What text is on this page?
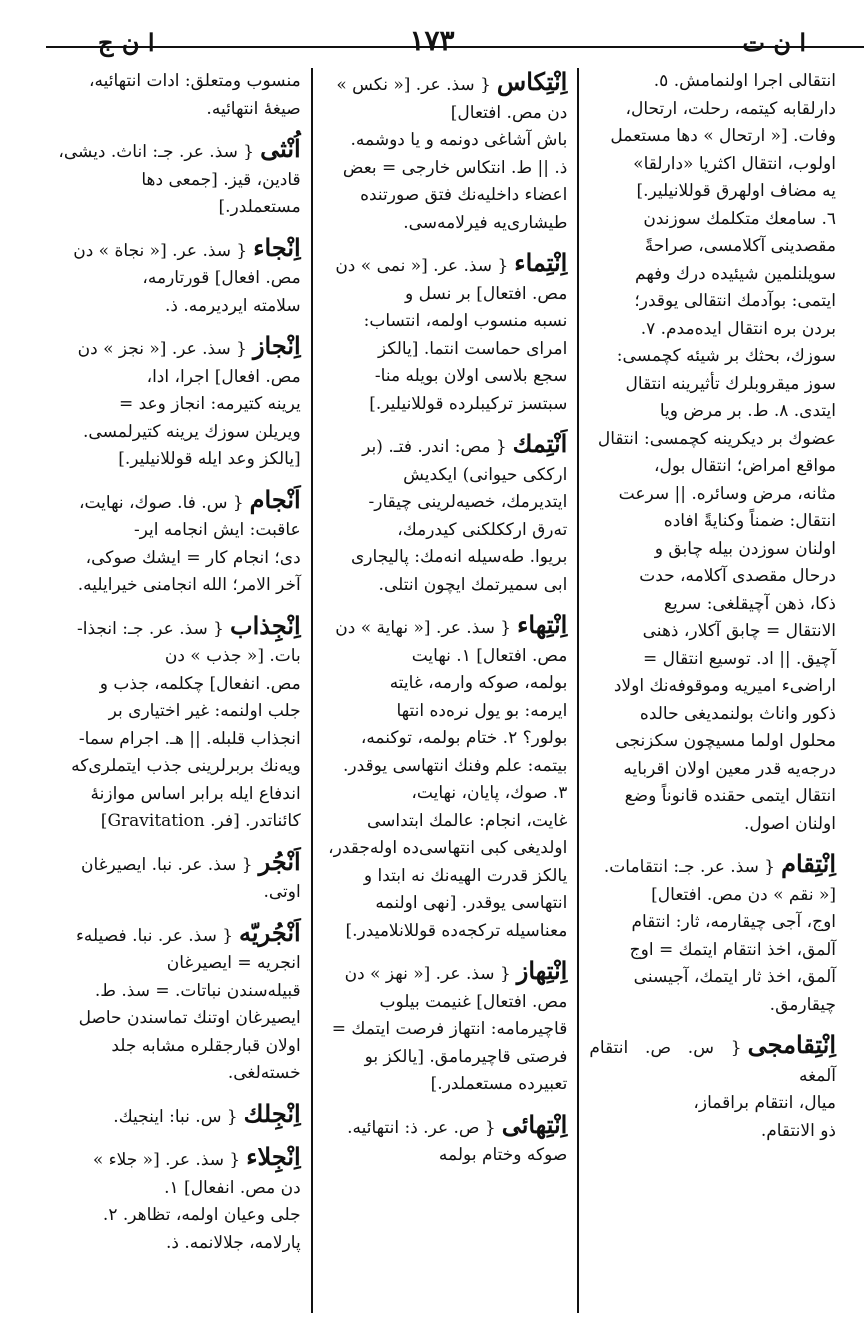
ا ن ت
١٧٣
ا ن ج
انتقالی اجرا اولنمامش. ٥.
دارلقابه کیتمه، رحلت، ارتحال،
وفات. [« ارتحال » دها مستعمل
اولوب، انتقال اکثریا «دارلقا»
یه مضاف اولهرق قوللانیلیر.]
٦. سامعك متکلمك سوزندن
مقصدینی آکلامسی، صراحةً
سویلنلمين شیئیده درك وفهم
ایتمی: بوآدمك انتقالی یوقدر؛
بردن بره انتقال ایده‌مدم. ٧.
سوزك، بحثك بر شیئه کچمسی:
سوز میقروبلرك تأثیرینه انتقال
ایتدی. ٨. ط. بر مرض ویا
عضوك بر دیکرینه کچمسی: انتقال
مواقع امراض؛ انتقال بول،
مثانه، مرض وسائره. || سرعت
انتقال: ضمناً وکنایةً افاده
اولنان سوزدن بیله چابق و
درحال مقصدی آکلامه، حدت
ذکا، ذهن آچیقلغی: سریع
الانتقال = چابق آکلار، ذهنی
آچیق. || اد. توسیع انتقال =
اراضیء امیریه وموقوفه‌نك اولاد
ذکور واناث بولنمدیغی حالده
محلول اولما مسیچون سکزنجی
درجه‌یه قدر معین اولان اقربایه
انتقال ایتمی حقنده قانوناً وضع
اولنان اصول.
اِنْتِقام{ سذ. عر. جـ: انتقامات.

[« نقم » دن مص. افتعال]
اوج، آجی چیقارمه، ثار: انتقام
آلمق، اخذ انتقام ایتمك = اوج
آلمق، اخذ ثار ایتمك، آجیسنی
چیقارمق.
اِنْتِقامجی{ س. ص. انتقام آلمغه

میال، انتقام براقماز،
ذو الانتقام.
اِنْتِكاس{ سذ. عر. [« نكس »

دن مص. افتعال]
باش آشاغی دونمه و یا دوشمه.
ذ. || ط. انتکاس خارجی = بعض
اعضاء داخلیه‌نك فتق صورتنده
طیشاری‌یه فیرلامه‌سی.
اِنْتِماء{ سذ. عر. [« نمی » دن

مص. افتعال] بر نسل و
نسبه منسوب اولمه، انتساب:
امرای حماست انتما. [یالکز
سجع بلاسی اولان بویله منا-
سبتسز ترکیبلرده قوللانیلیر.]
اَنْتِمك{ مص: اندر. فتـ. (بر

ارککی حیوانی) ایکدیش
ایتدیرمك، خصیه‌لرینی چیقار-
ته‌رق ارککلکنی کیدرمك،
بریوا. طه‌سیله انه‌مك: پالیجاری
ابی سمیرتمك ایچون انتلی.
اِنْتِهاء{ سذ. عر. [« نهایة » دن

مص. افتعال] ١. نهایت
بولمه، صوکه وارمه، غایته
ایرمه: بو یول نره‌ده انتها
بولور؟ ٢. ختام بولمه، توکنمه،
بیتمه: علم وفنك انتهاسی یوقدر.
٣. صوك، پایان، نهایت،
غایت، انجام: عالمك ابتداسی
اولدیغی کبی انتهاسی‌ده اوله‌جقدر،
یالکز قدرت الهیه‌نك نه ابتدا و
انتهاسی یوقدر. [نهی اولنمه
معناسیله ترکجه‌ده قوللانلامیدر.]
اِنْتِهاز{ سذ. عر. [« نهز » دن

مص. افتعال] غنیمت بیلوب
قاچیرمامه: انتهاز فرصت ایتمك =
فرصتی قاچیرمامق. [یالکز بو
تعبیرده مستعملدر.]
اِنْتِهائی{ ص. عر. ذ: انتهائیه.

صوکه وختام بولمه
منسوب ومتعلق: ادات انتهائیه،
صیغهٔ انتهائیه.
اُنْثی{ سذ. عر. جـ: اناث. دیشی،

قادین، قیز. [جمعی دها
مستعملدر.]
اِنْجاء{ سذ. عر. [« نجاة » دن

مص. افعال] قورتارمه،
سلامته ایردیرمه. ذ.
اِنْجاز{ سذ. عر. [« نجز » دن

مص. افعال] اجرا، ادا،
یرینه کتیرمه: انجاز وعد =
ویریلن سوزك یرینه کتیرلمسی.
[یالکز وعد ایله قوللانیلیر.]
اَنْجام{ س. فا. صوك، نهایت،

عاقبت: ایش انجامه ایر-
دی؛ انجام کار = ایشك صوکی،
آخر الامر؛ الله انجامنی خیرایلیه.
اِنْجِذاب{ سذ. عر. جـ: انجذا-

بات. [« جذب » دن
مص. انفعال] چکلمه، جذب و
جلب اولنمه: غیر اختیاری بر
انجذاب قلبله. || هـ. اجرام سما-
ویه‌نك بربرلرینی جذب ایتملری‌که
اندفاع ایله برابر اساس موازنهٔ
کائناتدر. [فر. Gravitation]
اَنْجُر{ سذ. عر. نبا. ایصیرغان

اوتی.
اَنْجُریّه{ سذ. عر. نبا. فصیله‌ء

انجریه = ایصیرغان
قبیله‌سندن نباتات. = سذ. ط.
ایصیرغان اوتنك تماسندن حاصل
اولان قبارجقلره مشابه جلد
خسته‌لغی.
اِنْجِلك{ س. نبا: اینجیك.

اِنْجِلاء{ سذ. عر. [« جلاء »

دن مص. انفعال] ١.
جلی وعیان اولمه، تظاهر. ٢.
پارلامه، جلالانمه. ذ.
